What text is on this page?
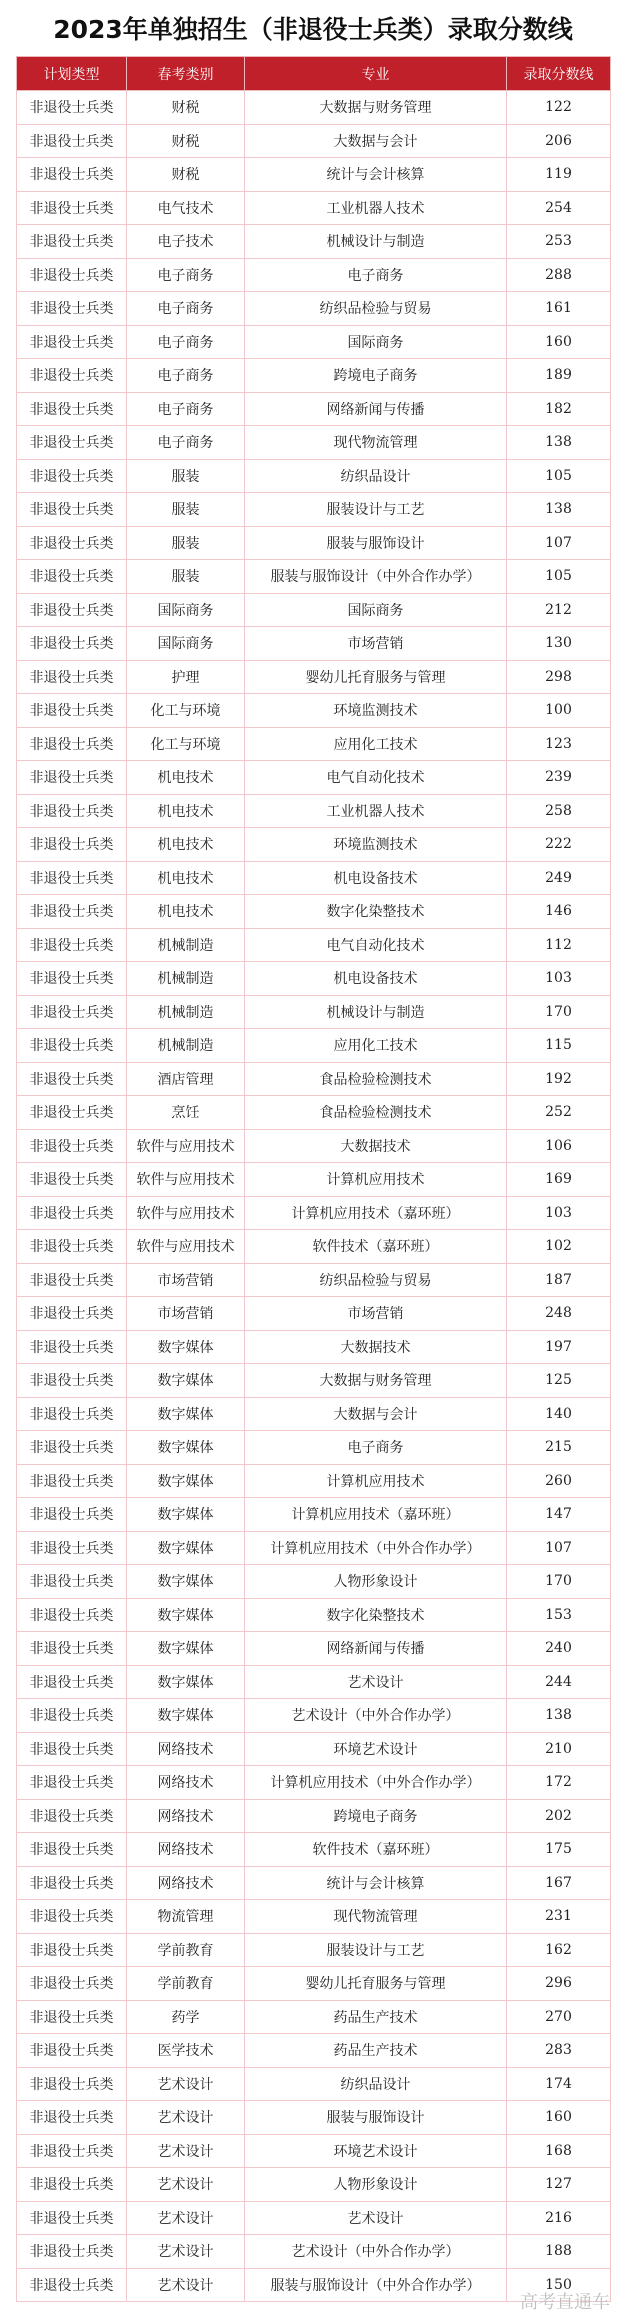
2023年单独招生（非退役士兵类）录取分数线
计划类型	春考类别	专业	录取分数线
非退役士兵类	财税	大数据与财务管理	122
非退役士兵类	财税	大数据与会计	206
非退役士兵类	财税	统计与会计核算	119
非退役士兵类	电气技术	工业机器人技术	254
非退役士兵类	电子技术	机械设计与制造	253
非退役士兵类	电子商务	电子商务	288
非退役士兵类	电子商务	纺织品检验与贸易	161
非退役士兵类	电子商务	国际商务	160
非退役士兵类	电子商务	跨境电子商务	189
非退役士兵类	电子商务	网络新闻与传播	182
非退役士兵类	电子商务	现代物流管理	138
非退役士兵类	服装	纺织品设计	105
非退役士兵类	服装	服装设计与工艺	138
非退役士兵类	服装	服装与服饰设计	107
非退役士兵类	服装	服装与服饰设计（中外合作办学）	105
非退役士兵类	国际商务	国际商务	212
非退役士兵类	国际商务	市场营销	130
非退役士兵类	护理	婴幼儿托育服务与管理	298
非退役士兵类	化工与环境	环境监测技术	100
非退役士兵类	化工与环境	应用化工技术	123
非退役士兵类	机电技术	电气自动化技术	239
非退役士兵类	机电技术	工业机器人技术	258
非退役士兵类	机电技术	环境监测技术	222
非退役士兵类	机电技术	机电设备技术	249
非退役士兵类	机电技术	数字化染整技术	146
非退役士兵类	机械制造	电气自动化技术	112
非退役士兵类	机械制造	机电设备技术	103
非退役士兵类	机械制造	机械设计与制造	170
非退役士兵类	机械制造	应用化工技术	115
非退役士兵类	酒店管理	食品检验检测技术	192
非退役士兵类	烹饪	食品检验检测技术	252
非退役士兵类	软件与应用技术	大数据技术	106
非退役士兵类	软件与应用技术	计算机应用技术	169
非退役士兵类	软件与应用技术	计算机应用技术（嘉环班）	103
非退役士兵类	软件与应用技术	软件技术（嘉环班）	102
非退役士兵类	市场营销	纺织品检验与贸易	187
非退役士兵类	市场营销	市场营销	248
非退役士兵类	数字媒体	大数据技术	197
非退役士兵类	数字媒体	大数据与财务管理	125
非退役士兵类	数字媒体	大数据与会计	140
非退役士兵类	数字媒体	电子商务	215
非退役士兵类	数字媒体	计算机应用技术	260
非退役士兵类	数字媒体	计算机应用技术（嘉环班）	147
非退役士兵类	数字媒体	计算机应用技术（中外合作办学）	107
非退役士兵类	数字媒体	人物形象设计	170
非退役士兵类	数字媒体	数字化染整技术	153
非退役士兵类	数字媒体	网络新闻与传播	240
非退役士兵类	数字媒体	艺术设计	244
非退役士兵类	数字媒体	艺术设计（中外合作办学）	138
非退役士兵类	网络技术	环境艺术设计	210
非退役士兵类	网络技术	计算机应用技术（中外合作办学）	172
非退役士兵类	网络技术	跨境电子商务	202
非退役士兵类	网络技术	软件技术（嘉环班）	175
非退役士兵类	网络技术	统计与会计核算	167
非退役士兵类	物流管理	现代物流管理	231
非退役士兵类	学前教育	服装设计与工艺	162
非退役士兵类	学前教育	婴幼儿托育服务与管理	296
非退役士兵类	药学	药品生产技术	270
非退役士兵类	医学技术	药品生产技术	283
非退役士兵类	艺术设计	纺织品设计	174
非退役士兵类	艺术设计	服装与服饰设计	160
非退役士兵类	艺术设计	环境艺术设计	168
非退役士兵类	艺术设计	人物形象设计	127
非退役士兵类	艺术设计	艺术设计	216
非退役士兵类	艺术设计	艺术设计（中外合作办学）	188
非退役士兵类	艺术设计	服装与服饰设计（中外合作办学）	150
高考直通车
